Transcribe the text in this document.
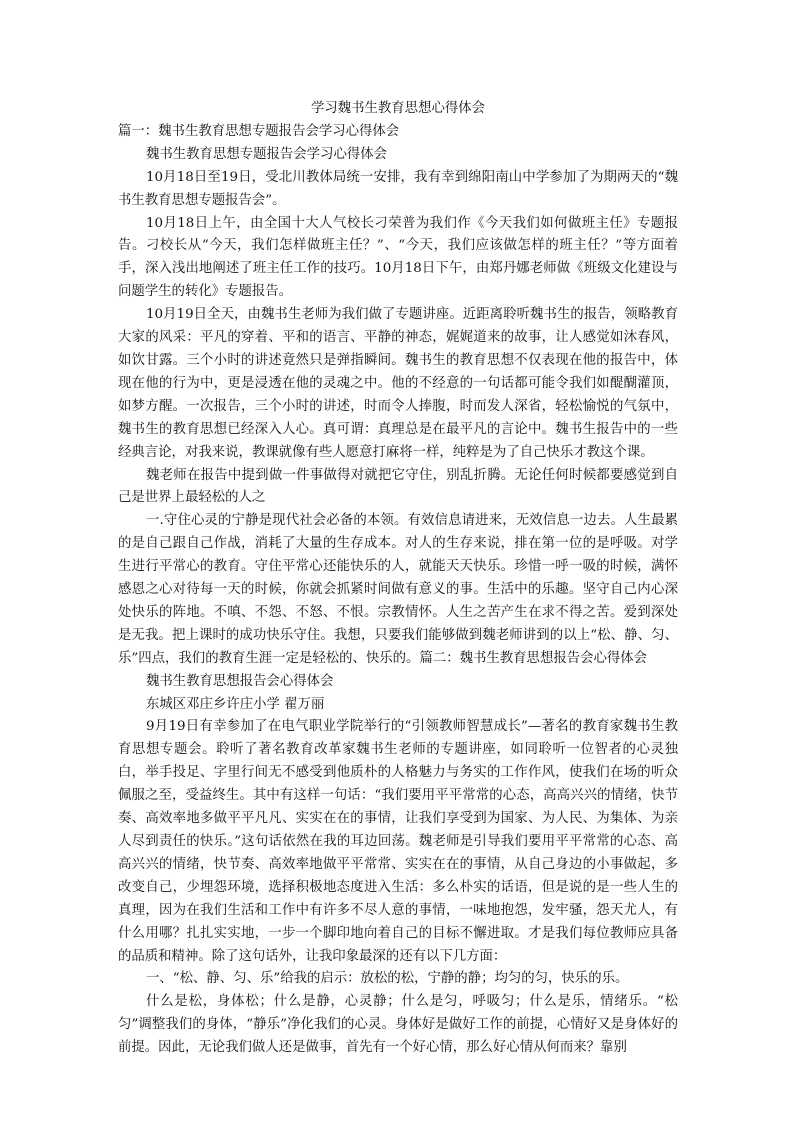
学习魏书生教育思想心得体会

篇一：魏书生教育思想专题报告会学习心得体会

魏书生教育思想专题报告会学习心得体会

10月18日至19日，受北川教体局统一安排，我有幸到绵阳南山中学参加了为期两天的“魏书生教育思想专题报告会”。

10月18日上午，由全国十大人气校长刁荣普为我们作《今天我们如何做班主任》专题报告。刁校长从“今天，我们怎样做班主任？”、“今天，我们应该做怎样的班主任？”等方面着手，深入浅出地阐述了班主任工作的技巧。10月18日下午，由郑丹娜老师做《班级文化建设与问题学生的转化》专题报告。

10月19日全天，由魏书生老师为我们做了专题讲座。近距离聆听魏书生的报告，领略教育大家的风采：平凡的穿着、平和的语言、平静的神态，娓娓道来的故事，让人感觉如沐春风，如饮甘露。三个小时的讲述竟然只是弹指瞬间。魏书生的教育思想不仅表现在他的报告中，体现在他的行为中，更是浸透在他的灵魂之中。他的不经意的一句话都可能令我们如醍醐灌顶，如梦方醒。一次报告，三个小时的讲述，时而令人捧腹，时而发人深省，轻松愉悦的气氛中，魏书生的教育思想已经深入人心。真可谓：真理总是在最平凡的言论中。魏书生报告中的一些经典言论，对我来说，教课就像有些人愿意打麻将一样，纯粹是为了自己快乐才教这个课。

魏老师在报告中提到做一件事做得对就把它守住，别乱折腾。无论任何时候都要感觉到自己是世界上最轻松的人之

一.守住心灵的宁静是现代社会必备的本领。有效信息请进来，无效信息一边去。人生最累的是自己跟自己作战，消耗了大量的生存成本。对人的生存来说，排在第一位的是呼吸。对学生进行平常心的教育。守住平常心还能快乐的人，就能天天快乐。珍惜一呼一吸的时候，满怀感恩之心对待每一天的时候，你就会抓紧时间做有意义的事。生活中的乐趣。坚守自己内心深处快乐的阵地。不嗔、不怨、不怒、不恨。宗教情怀。人生之苦产生在求不得之苦。爱到深处是无我。把上课时的成功快乐守住。我想，只要我们能够做到魏老师讲到的以上“松、静、匀、乐”四点，我们的教育生涯一定是轻松的、快乐的。篇二：魏书生教育思想报告会心得体会

魏书生教育思想报告会心得体会

东城区邓庄乡许庄小学 翟万丽

9月19日有幸参加了在电气职业学院举行的“引领教师智慧成长”—著名的教育家魏书生教育思想专题会。聆听了著名教育改革家魏书生老师的专题讲座，如同聆听一位智者的心灵独白，举手投足、字里行间无不感受到他质朴的人格魅力与务实的工作作风，使我们在场的听众佩服之至，受益终生。其中有这样一句话：“我们要用平平常常的心态，高高兴兴的情绪，快节奏、高效率地多做平平凡凡、实实在在的事情，让我们享受到为国家、为人民、为集体、为亲人尽到责任的快乐。”这句话依然在我的耳边回荡。魏老师是引导我们要用平平常常的心态、高高兴兴的情绪，快节奏、高效率地做平平常常、实实在在的事情，从自己身边的小事做起，多改变自己，少埋怨环境，选择积极地态度进入生活：多么朴实的话语，但是说的是一些人生的真理，因为在我们生活和工作中有许多不尽人意的事情，一味地抱怨，发牢骚，怨天尤人，有什么用哪？扎扎实实地，一步一个脚印地向着自己的目标不懈进取。才是我们每位教师应具备的品质和精神。除了这句话外，让我印象最深的还有以下几方面：

一、“松、静、匀、乐”给我的启示：放松的松，宁静的静；均匀的匀，快乐的乐。

什么是松，身体松；什么是静，心灵静；什么是匀，呼吸匀；什么是乐，情绪乐。“松匀”调整我们的身体，“静乐”净化我们的心灵。身体好是做好工作的前提，心情好又是身体好的前提。因此，无论我们做人还是做事，首先有一个好心情，那么好心情从何而来？靠别
